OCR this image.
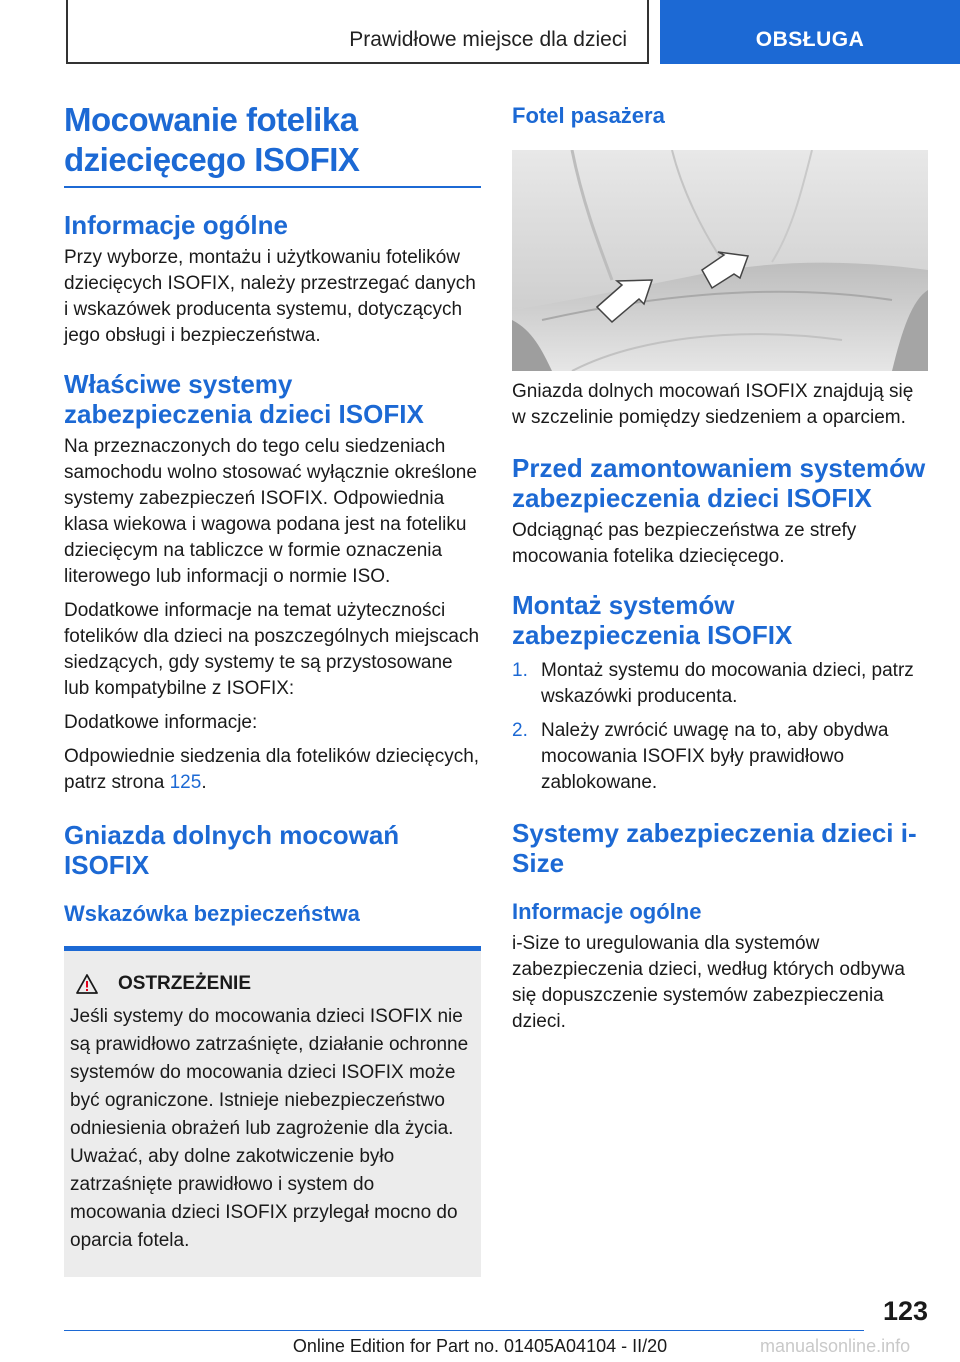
Prawidłowe miejsce dla dzieci	OBSŁUGA
Mocowanie fotelika dziecięcego ISOFIX
Informacje ogólne

Przy wyborze, montażu i użytkowaniu fotelików dziecięcych ISOFIX, należy przestrzegać danych i wskazówek producenta systemu, dotyczących jego obsługi i bezpieczeństwa.

Właściwe systemy zabezpieczenia dzieci ISOFIX

Na przeznaczonych do tego celu siedzeniach samochodu wolno stosować wyłącznie określone systemy zabezpieczeń ISOFIX. Odpowiednia klasa wiekowa i wagowa podana jest na foteliku dziecięcym na tabliczce w formie oznaczenia literowego lub informacji o normie ISO.

Dodatkowe informacje na temat użyteczności fotelików dla dzieci na poszczególnych miejscach siedzących, gdy systemy te są przystosowane lub kompatybilne z ISOFIX:

Dodatkowe informacje:

Odpowiednie siedzenia dla fotelików dziecięcych, patrz strona 125.

Gniazda dolnych mocowań ISOFIX
Wskazówka bezpieczeństwa
OSTRZEŻENIE
Jeśli systemy do mocowania dzieci ISOFIX nie są prawidłowo zatrzaśnięte, działanie ochronne systemów do mocowania dzieci ISOFIX może być ograniczone. Istnieje niebezpieczeństwo odniesienia obrażeń lub zagrożenie dla życia. Uważać, aby dolne zakotwiczenie było zatrzaśnięte prawidłowo i system do mocowania dzieci ISOFIX przylegał mocno do oparcia fotela.
Fotel pasażera

Gniazda dolnych mocowań ISOFIX znajdują się w szczelinie pomiędzy siedzeniem a oparciem.

Przed zamontowaniem systemów zabezpieczenia dzieci ISOFIX

Odciągnąć pas bezpieczeństwa ze strefy mocowania fotelika dziecięcego.

Montaż systemów zabezpieczenia ISOFIX
1. Montaż systemu do mocowania dzieci, patrz wskazówki producenta.
2. Należy zwrócić uwagę na to, aby obydwa mocowania ISOFIX były prawidłowo zablokowane.
Systemy zabezpieczenia dzieci i-Size
Informacje ogólne

i-Size to uregulowania dla systemów zabezpieczenia dzieci, według których odbywa się dopuszczenie systemów zabezpieczenia dzieci.

123
Online Edition for Part no. 01405A04104 - II/20	manualsonline.info
